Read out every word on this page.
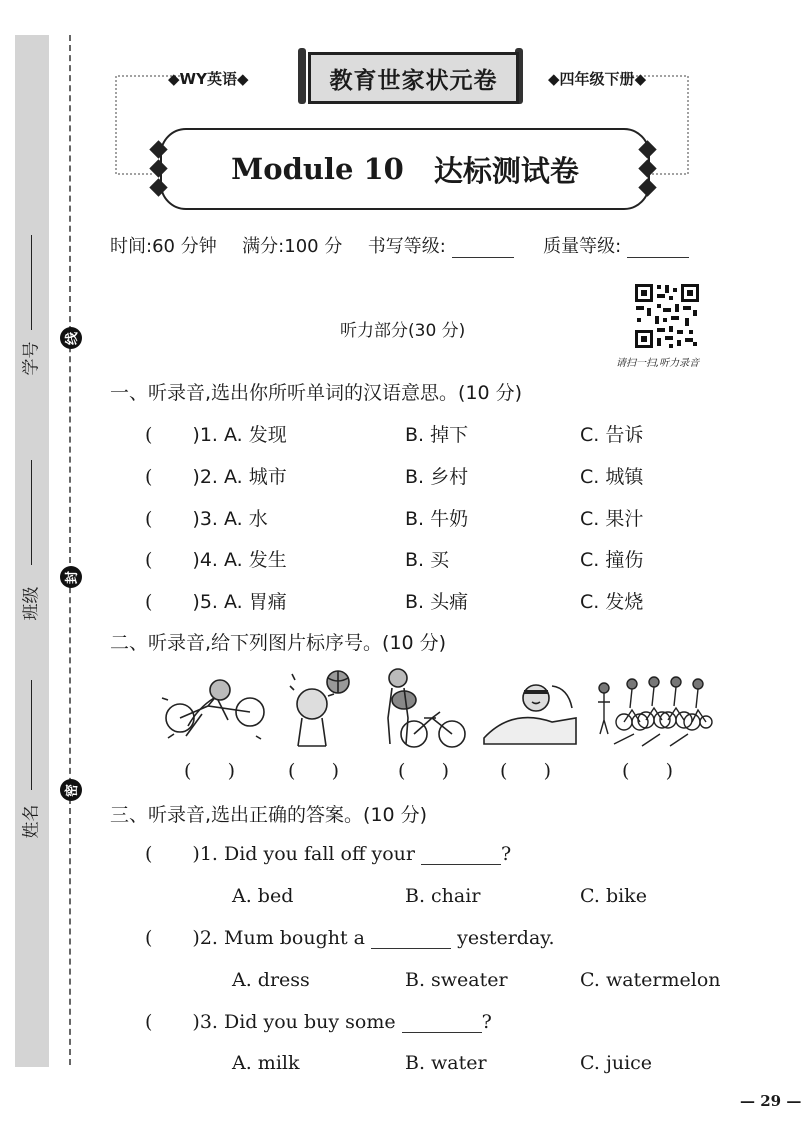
学号
班级
姓名
线
封
密
◆WY英语◆	◆四年级下册◆
教育世家状元卷
Module 10 达标测试卷
时间:60 分钟 满分:100 分 书写等级:	质量等级:
听力部分(30 分)
请扫一扫,听力录音
一、听录音,选出你所听单词的汉语意思。(10 分)
( )1. A. 发现	B. 掉下	C. 告诉
( )2. A. 城市	B. 乡村	C. 城镇
( )3. A. 水	B. 牛奶	C. 果汁
( )4. A. 发生	B. 买	C. 撞伤
( )5. A. 胃痛	B. 头痛	C. 发烧
二、听录音,给下列图片标序号。(10 分)
(      )	(      )	(      )	(      )	(      )
三、听录音,选出正确的答案。(10 分)
( )1. Did you fall off your	?
A. bed	B. chair	C. bike
( )2. Mum bought a	yesterday.
A. dress	B. sweater	C. watermelon
( )3. Did you buy some	?
A. milk	B. water	C. juice
— 29 —
